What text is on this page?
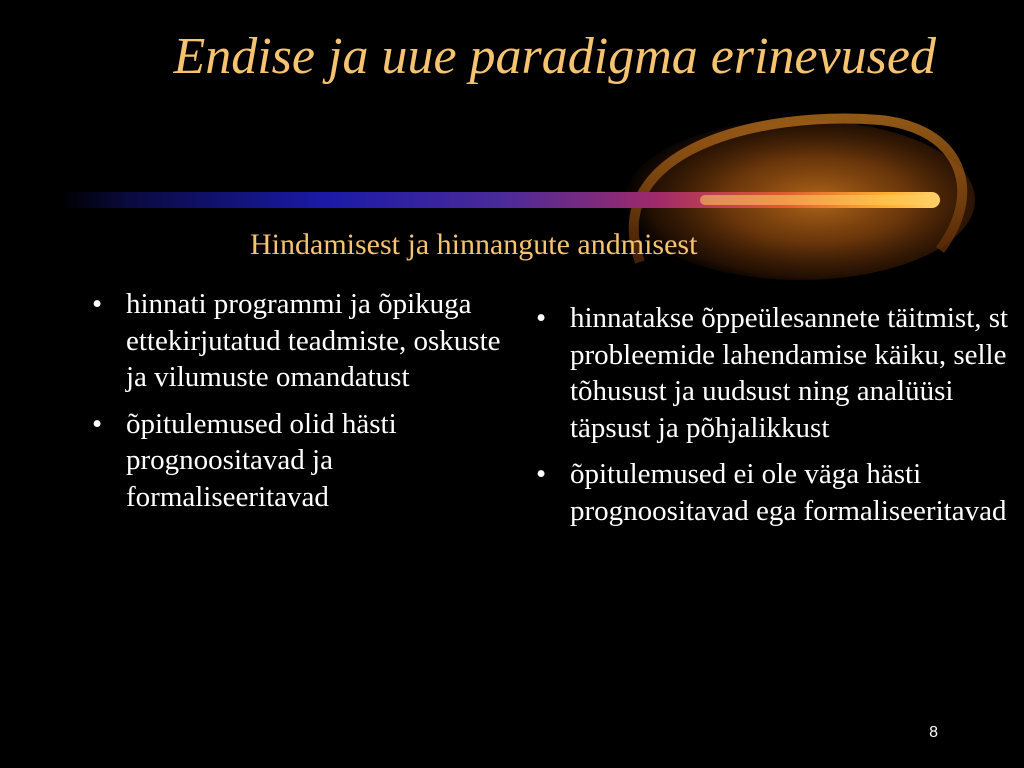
Endise ja uue paradigma erinevused
Hindamisest ja hinnangute andmisest
• hinnati programmi ja õpikuga ettekirjutatud teadmiste, oskuste ja vilumuste omandatust
• õpitulemused olid hästi prognoositavad ja formaliseeritavad
• hinnatakse õppeülesannete täitmist, st probleemide lahendamise käiku, selle tõhusust ja uudsust ning analüüsi täpsust ja põhjalikkust
• õpitulemused ei ole väga hästi prognoositavad ega formaliseeritavad
8
